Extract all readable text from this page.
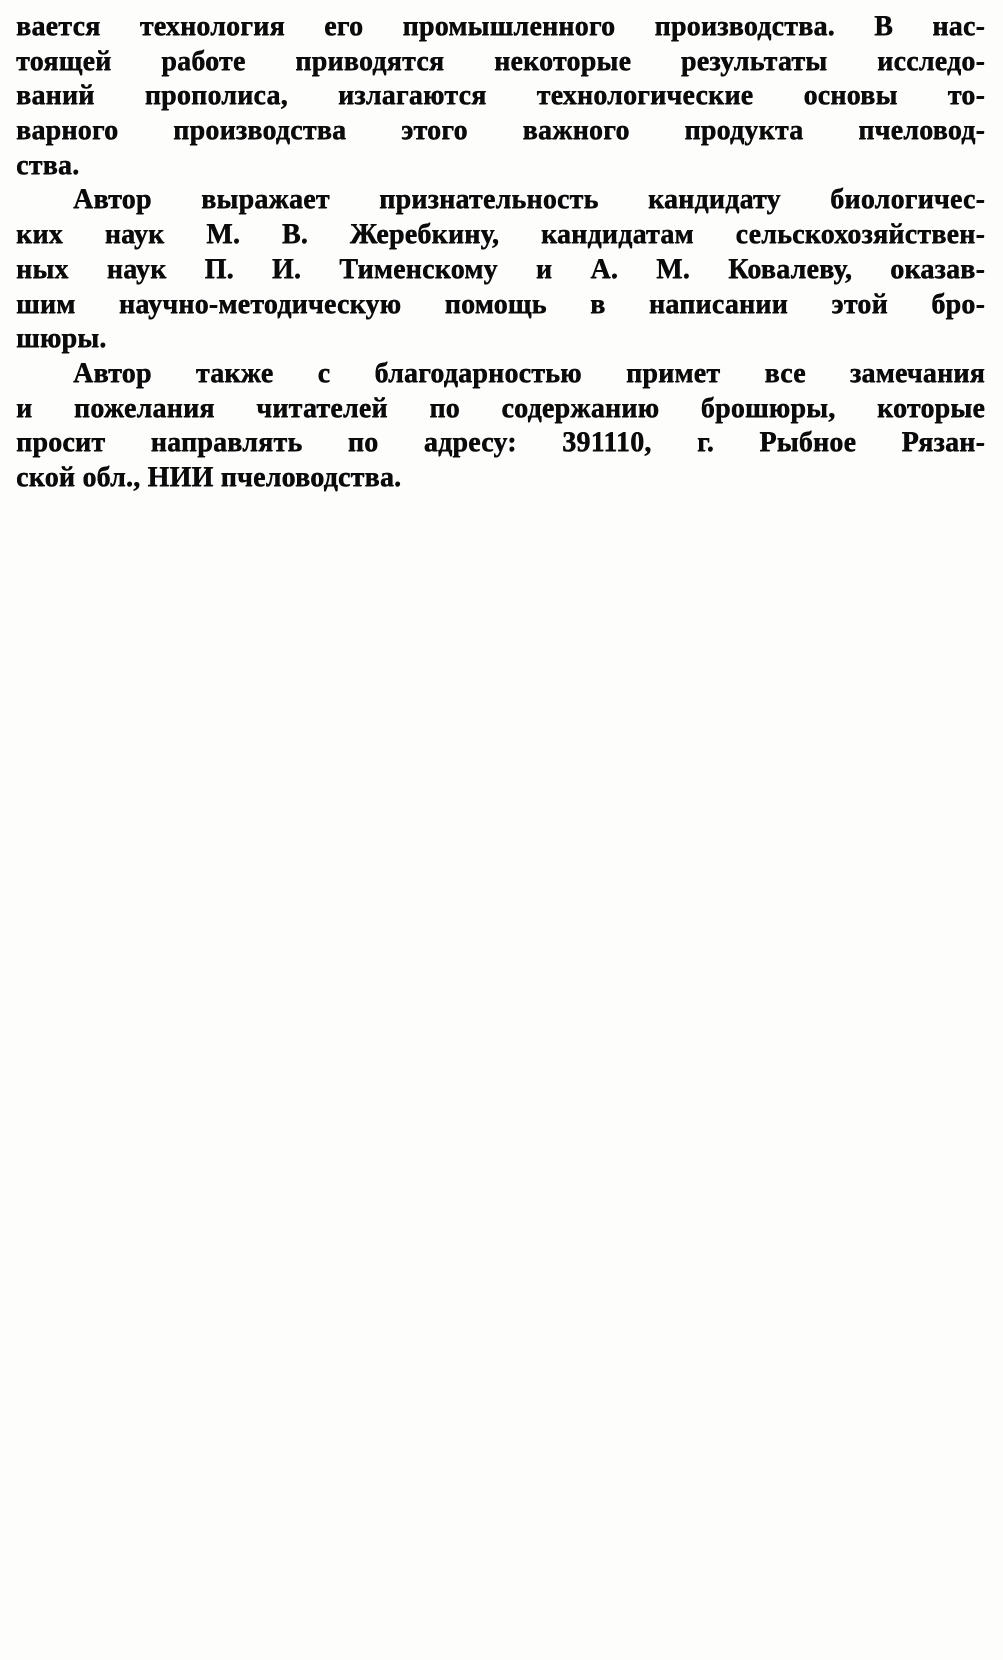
вается технология его промышленного производства. В нас-

тоящей работе приводятся некоторые результаты исследо-

ваний прополиса, излагаются технологические основы то-

варного производства этого важного продукта пчеловод-

ства.

Автор выражает признательность кандидату биологичес-

ких наук М. В. Жеребкину, кандидатам сельскохозяйствен-

ных наук П. И. Тименскому и А. М. Ковалеву, оказав-

шим научно-методическую помощь в написании этой бро-

шюры.

Автор также с благодарностью примет все замечания

и пожелания читателей по содержанию брошюры, которые

просит направлять по адресу: 391110, г. Рыбное Рязан-

ской обл., НИИ пчеловодства.
